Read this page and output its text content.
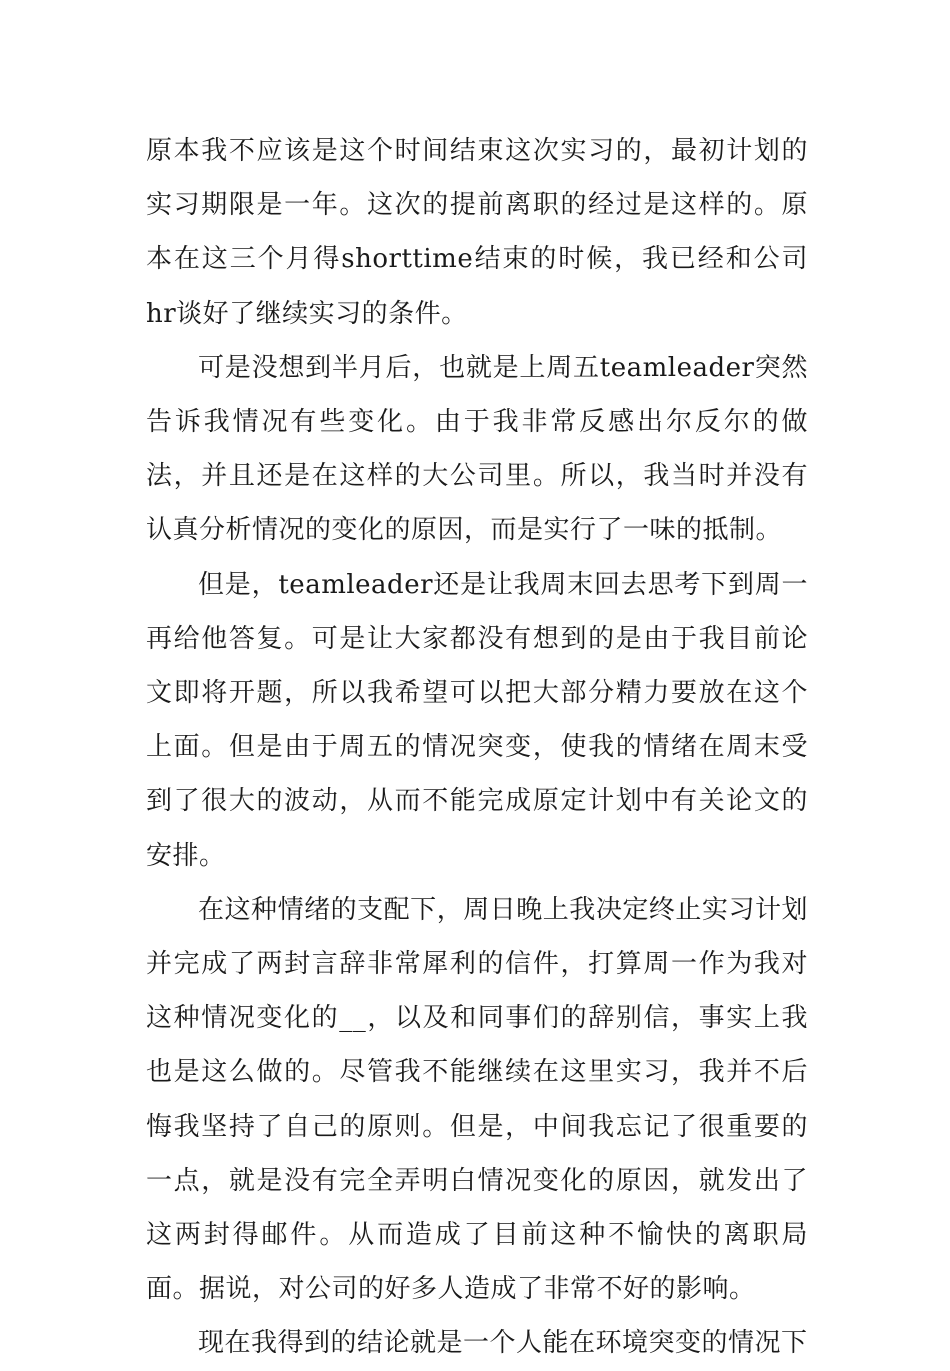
原本我不应该是这个时间结束这次实习的，最初计划的实习期限是一年。这次的提前离职的经过是这样的。原本在这三个月得shorttime结束的时候，我已经和公司hr谈好了继续实习的条件。

可是没想到半月后，也就是上周五teamleader突然告诉我情况有些变化。由于我非常反感出尔反尔的做法，并且还是在这样的大公司里。所以，我当时并没有认真分析情况的变化的原因，而是实行了一味的抵制。

但是，teamleader还是让我周末回去思考下到周一再给他答复。可是让大家都没有想到的是由于我目前论文即将开题，所以我希望可以把大部分精力要放在这个上面。但是由于周五的情况突变，使我的情绪在周末受到了很大的波动，从而不能完成原定计划中有关论文的安排。

在这种情绪的支配下，周日晚上我决定终止实习计划并完成了两封言辞非常犀利的信件，打算周一作为我对这种情况变化的__，以及和同事们的辞别信，事实上我也是这么做的。尽管我不能继续在这里实习，我并不后悔我坚持了自己的原则。但是，中间我忘记了很重要的一点，就是没有完全弄明白情况变化的原因，就发出了这两封得邮件。从而造成了目前这种不愉快的离职局面。据说，对公司的好多人造成了非常不好的影响。

现在我得到的结论就是一个人能在环境突变的情况下
